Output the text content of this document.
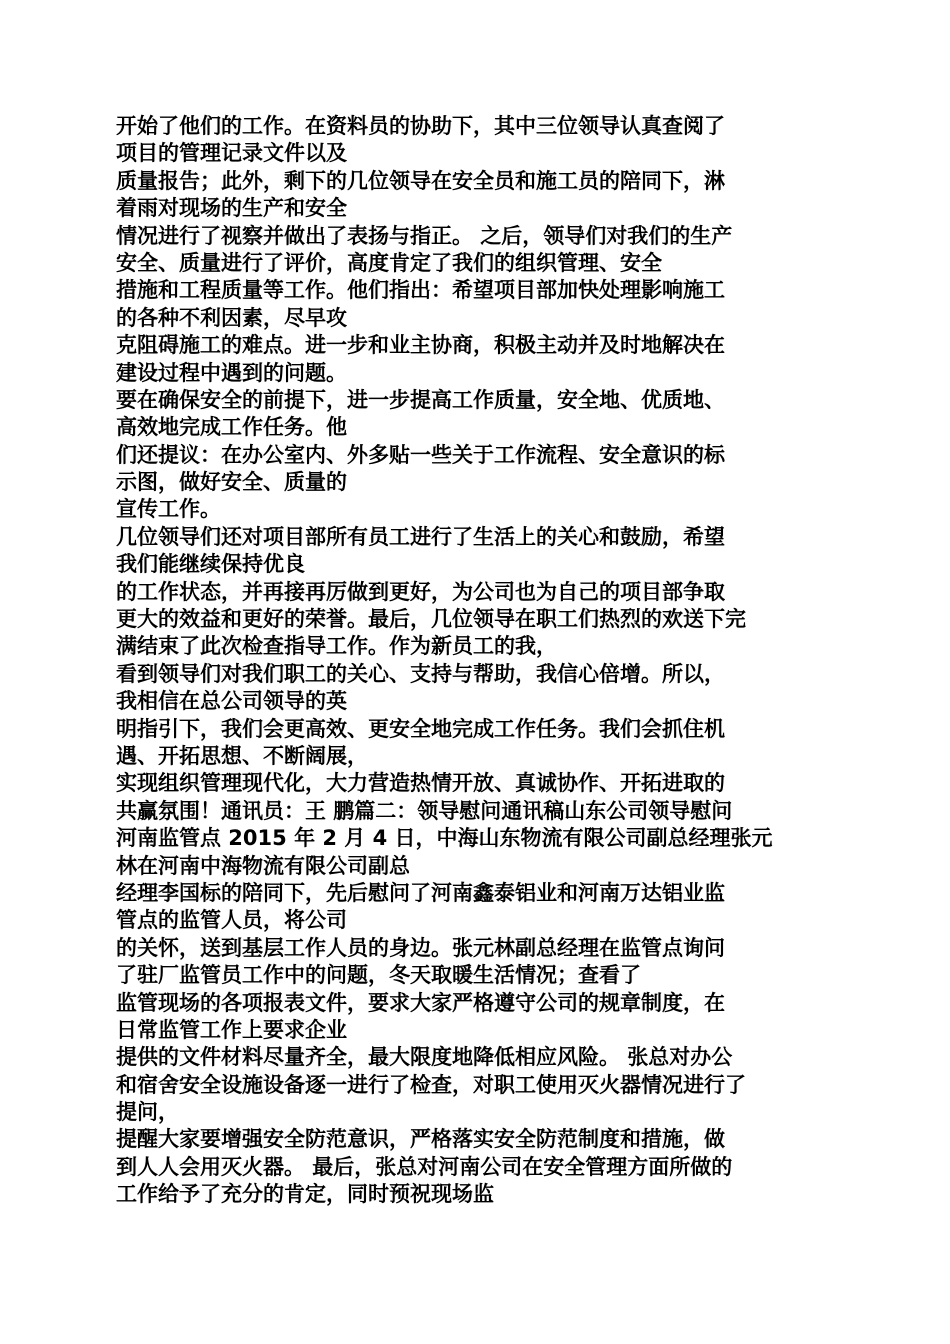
开始了他们的工作。在资料员的协助下，其中三位领导认真查阅了
项目的管理记录文件以及
质量报告；此外，剩下的几位领导在安全员和施工员的陪同下，淋
着雨对现场的生产和安全
情况进行了视察并做出了表扬与指正。 之后，领导们对我们的生产
安全、质量进行了评价，高度肯定了我们的组织管理、安全
措施和工程质量等工作。他们指出：希望项目部加快处理影响施工
的各种不利因素，尽早攻
克阻碍施工的难点。进一步和业主协商，积极主动并及时地解决在
建设过程中遇到的问题。
要在确保安全的前提下，进一步提高工作质量，安全地、优质地、
高效地完成工作任务。他
们还提议：在办公室内、外多贴一些关于工作流程、安全意识的标
示图，做好安全、质量的
宣传工作。
几位领导们还对项目部所有员工进行了生活上的关心和鼓励，希望
我们能继续保持优良
的工作状态，并再接再厉做到更好，为公司也为自己的项目部争取
更大的效益和更好的荣誉。最后，几位领导在职工们热烈的欢送下完
满结束了此次检查指导工作。作为新员工的我，
看到领导们对我们职工的关心、支持与帮助，我信心倍增。所以，
我相信在总公司领导的英
明指引下，我们会更高效、更安全地完成工作任务。我们会抓住机
遇、开拓思想、不断阔展，
实现组织管理现代化，大力营造热情开放、真诚协作、开拓进取的
共赢氛围！通讯员：王 鹏篇二：领导慰问通讯稿山东公司领导慰问
河南监管点 2015 年 2 月 4 日，中海山东物流有限公司副总经理张元
林在河南中海物流有限公司副总
经理李国标的陪同下，先后慰问了河南鑫泰铝业和河南万达铝业监
管点的监管人员，将公司
的关怀，送到基层工作人员的身边。张元林副总经理在监管点询问
了驻厂监管员工作中的问题，冬天取暖生活情况；查看了
监管现场的各项报表文件，要求大家严格遵守公司的规章制度，在
日常监管工作上要求企业
提供的文件材料尽量齐全，最大限度地降低相应风险。 张总对办公
和宿舍安全设施设备逐一进行了检查，对职工使用灭火器情况进行了
提问，
提醒大家要增强安全防范意识，严格落实安全防范制度和措施，做
到人人会用灭火器。 最后，张总对河南公司在安全管理方面所做的
工作给予了充分的肯定，同时预祝现场监
